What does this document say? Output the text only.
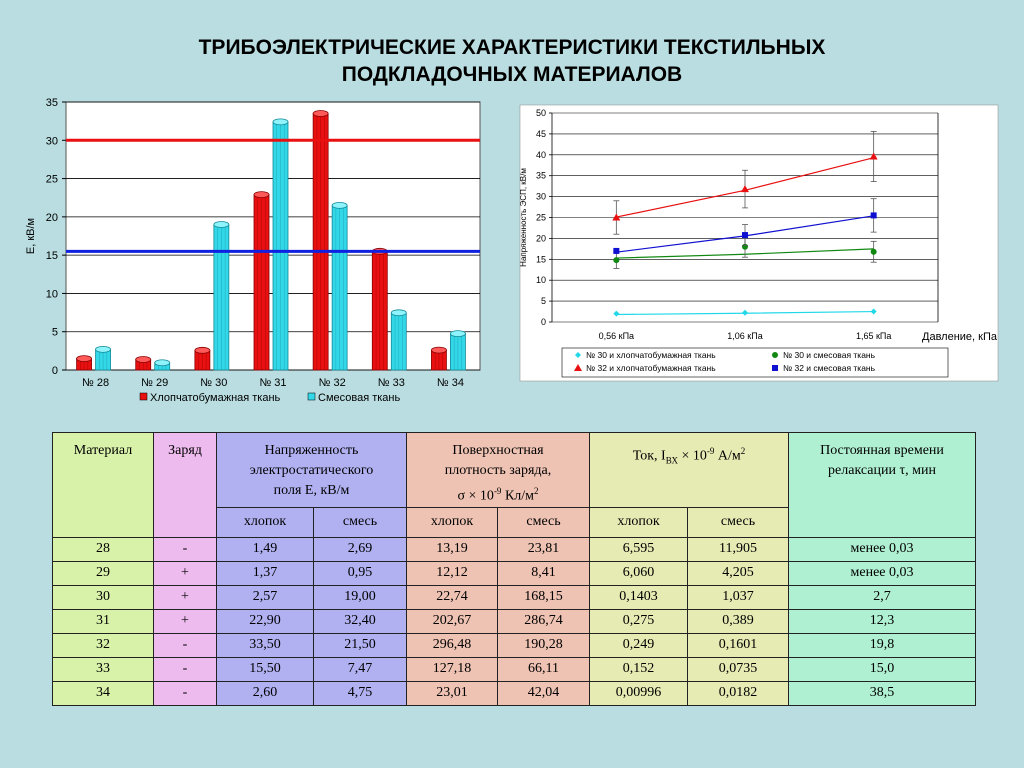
ТРИБОЭЛЕКТРИЧЕСКИЕ ХАРАКТЕРИСТИКИ ТЕКСТИЛЬНЫХ
ПОДКЛАДОЧНЫХ МАТЕРИАЛОВ
0
5
10
15
20
25
30
35
Е, кВ/м
№ 28	№ 29	№ 30	№ 31	№ 32	№ 33	№ 34
Хлопчатобумажная ткань	Смесовая ткань
0
5
10
15
20
25
30
35
40
45
50
Напряженность ЭСП, кВ/м
0,56 кПа	1,06 кПа	1,65 кПа	Давление, кПа
№ 30 и хлопчатобумажная ткань	№ 30 и смесовая ткань
№ 32 и хлопчатобумажная ткань	№ 32 и смесовая ткань
Материал	Заряд	Напряженность
электростатического
поля Е, кВ/м		Поверхностная
плотность заряда,
$\sigma \times 10^{-9}$ $Кл/м^2$		Ток, $I_{ВХ} \times 10^{-9}$ $А/м^2$		Постоянная времени
релаксации τ, мин
		хлопок	смесь	хлопок	смесь	хлопок	смесь	
28	-	1,49	2,69	13,19	23,81	6,595	11,905	менее 0,03
29	+	1,37	0,95	12,12	8,41	6,060	4,205	менее 0,03
30	+	2,57	19,00	22,74	168,15	0,1403	1,037	2,7
31	+	22,90	32,40	202,67	286,74	0,275	0,389	12,3
32	-	33,50	21,50	296,48	190,28	0,249	0,1601	19,8
33	-	15,50	7,47	127,18	66,11	0,152	0,0735	15,0
34	-	2,60	4,75	23,01	42,04	0,00996	0,0182	38,5
